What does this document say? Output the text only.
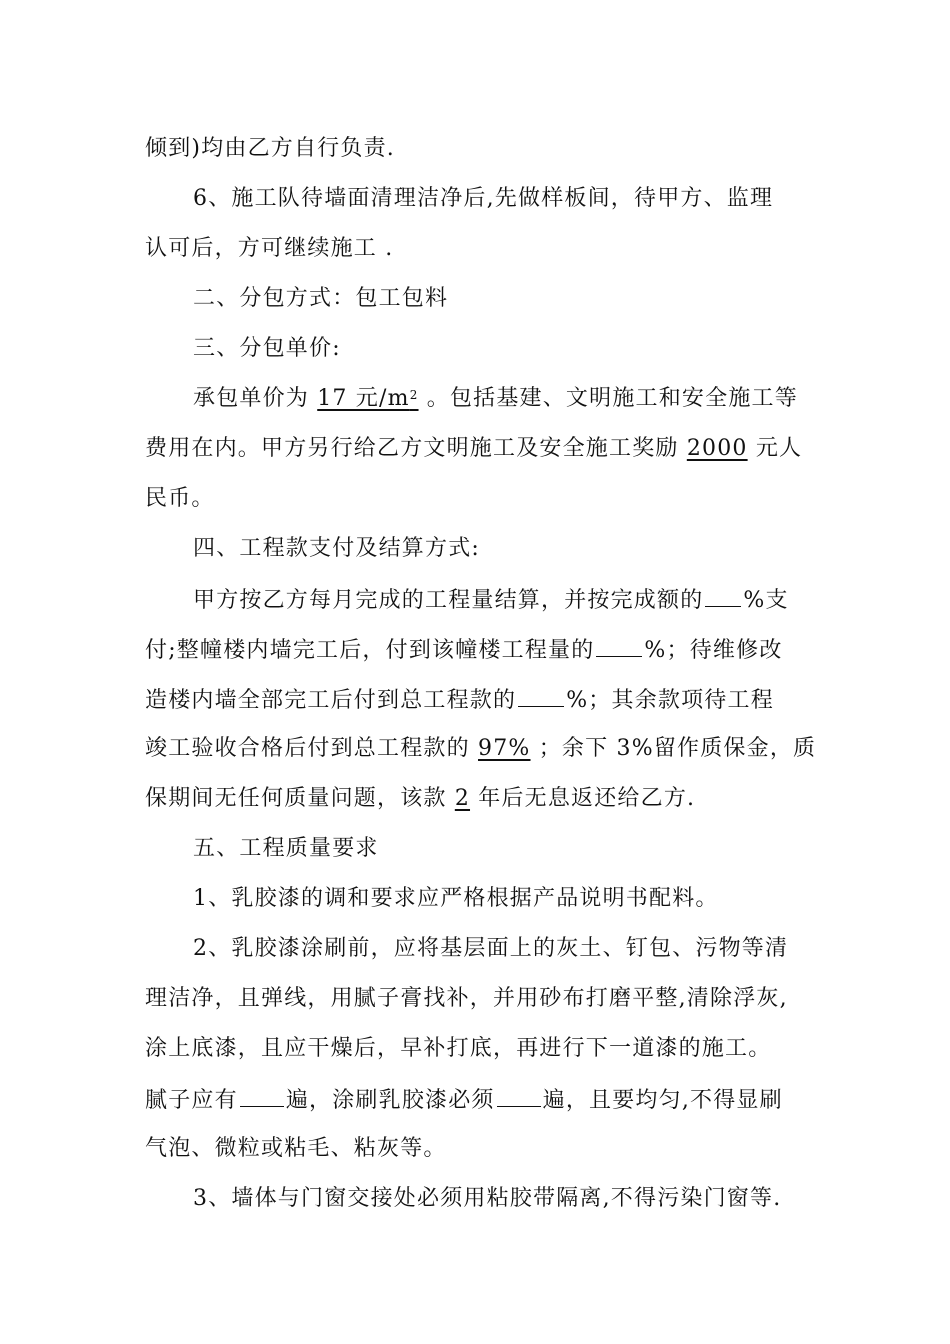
倾到)均由乙方自行负责.
6、施工队待墙面清理洁净后,先做样板间，待甲方、监理
认可后，方可继续施工 .
二、分包方式：包工包料
三、分包单价:
承包单价为 17 元$/m^2$ 。包括基建、文明施工和安全施工等
费用在内。甲方另行给乙方文明施工及安全施工奖励 2000 元人
民币。
四、工程款支付及结算方式:
甲方按乙方每月完成的工程量结算，并按完成额的 %支
付;整幢楼内墙完工后，付到该幢楼工程量的 %；待维修改
造楼内墙全部完工后付到总工程款的 %；其余款项待工程
竣工验收合格后付到总工程款的 97% ；余下 3%留作质保金，质
保期间无任何质量问题，该款 2 年后无息返还给乙方.
五、工程质量要求
1、乳胶漆的调和要求应严格根据产品说明书配料。
2、乳胶漆涂刷前，应将基层面上的灰土、钉包、污物等清
理洁净，且弹线，用腻子膏找补，并用砂布打磨平整,清除浮灰,
涂上底漆，且应干燥后，早补打底，再进行下一道漆的施工。
腻子应有 遍，涂刷乳胶漆必须 遍，且要均匀,不得显刷
气泡、微粒或粘毛、粘灰等。
3、墙体与门窗交接处必须用粘胶带隔离,不得污染门窗等.
